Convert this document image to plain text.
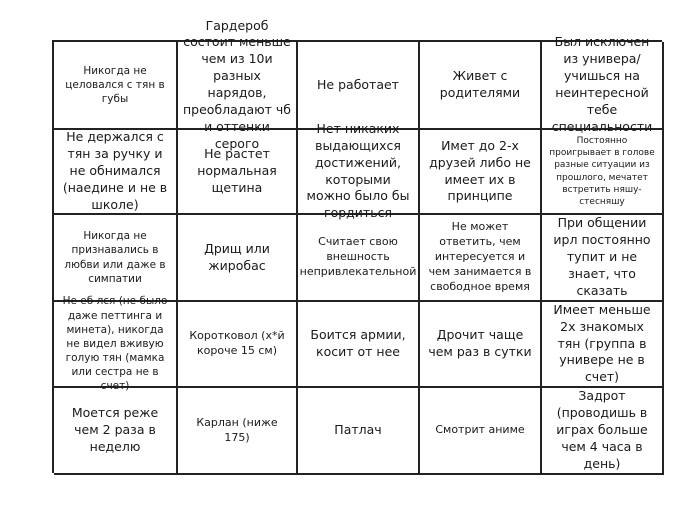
Никогда не целовался с тян в губы
Гардероб состоит меньше чем из 10и разных нарядов, преобладают чб и оттенки серого
Не работает
Живет с родителями
Был исключен из универа/учишься на неинтересной тебе специальности
Не держался с тян за ручку и не обнимался (наедине и не в школе)
Не растет нормальная щетина
Нет никаких выдающихся достижений, которыми можно было бы гордиться
Имет до 2-х друзей либо не имеет их в принципе
Постоянно проигрывает в голове разные ситуации из прошлого, мечатет встретить няшу-стесняшу
Никогда не признавались в любви или даже в симпатии
Дрищ или жиробас
Считает свою внешность непривлекательной
Не может ответить, чем интересуется и чем занимается в свободное время
При общении ирл постоянно тупит и не знает, что сказать
Не еб лся (не было даже петтинга и минета), никогда не видел вживую голую тян (мамка или сестра не в счет)
Коротковол (х*й короче 15 см)
Боится армии, косит от нее
Дрочит чаще чем раз в сутки
Имеет меньше 2х знакомых тян (группа в универе не в счет)
Моется реже чем 2 раза в неделю
Карлан (ниже 175)	Патлач	Смотрит аниме
Задрот (проводишь в играх больше чем 4 часа в день)
